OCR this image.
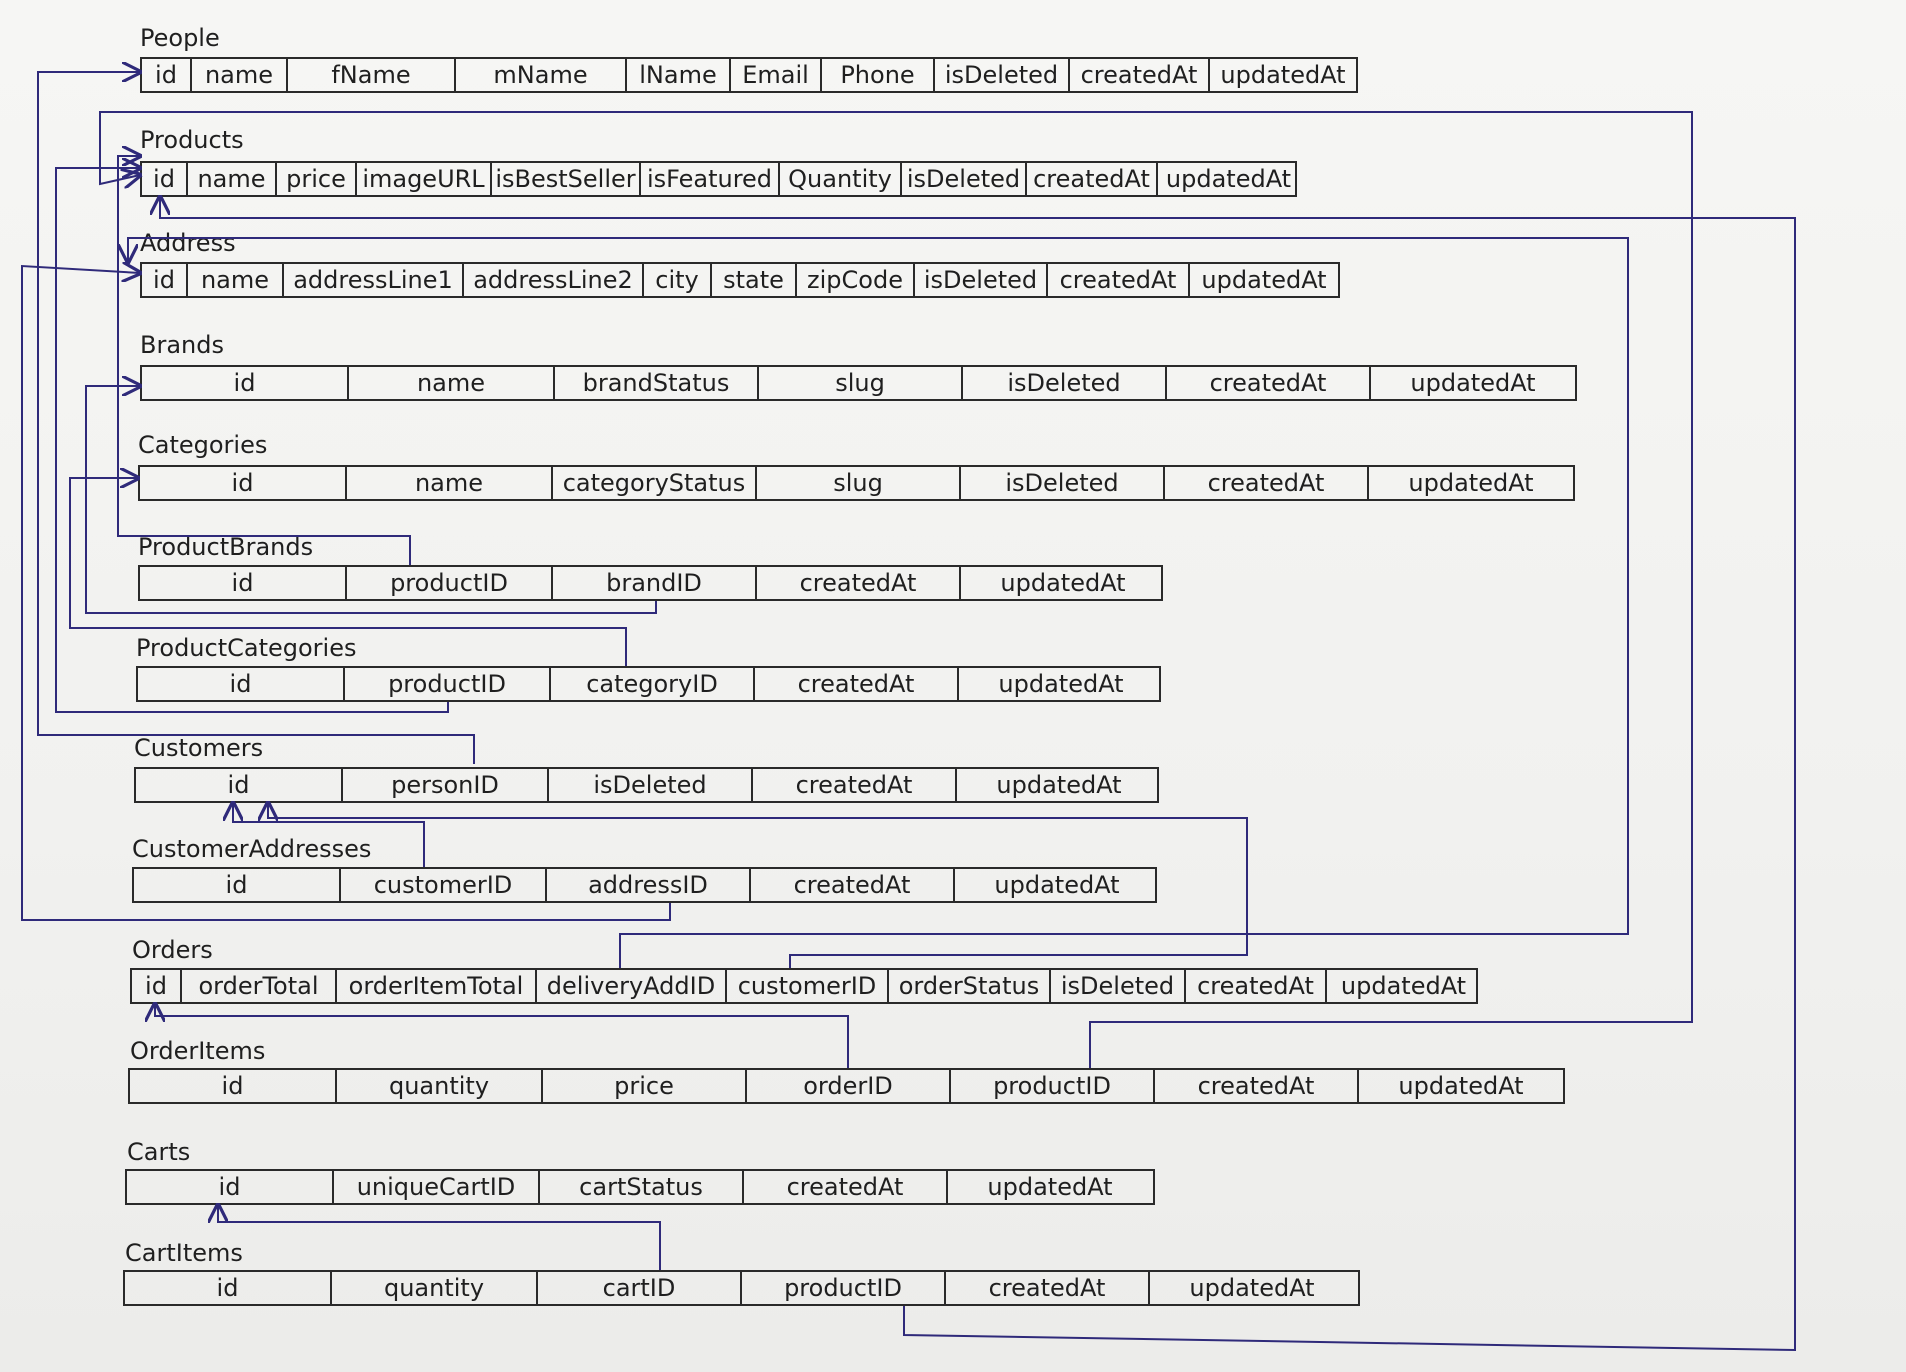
People
id	name	fName	mName	lName	Email	Phone	isDeleted createdAt updatedAt
Products
id name price imageURL isBestSeller isFeatured Quantity isDeleted createdAt updatedAt
Address
id	name	addressLine1 addressLine2 city	state zipCode isDeleted createdAt	updatedAt
Brands
id	name	brandStatus	slug	isDeleted	createdAt	updatedAt
Categories
id	name	categoryStatus	slug	isDeleted	createdAt	updatedAt
ProductBrands
id	productID	brandID	createdAt	updatedAt
ProductCategories
id	productID	categoryID	createdAt	updatedAt
Customers
id	personID	isDeleted	createdAt	updatedAt
CustomerAddresses
id	customerID	addressID	createdAt	updatedAt
Orders
id	orderTotal	orderItemTotal deliveryAddID customerID orderStatus isDeleted createdAt	updatedAt
OrderItems
id	quantity	price	orderID	productID	createdAt	updatedAt
Carts
id	uniqueCartID	cartStatus	createdAt	updatedAt
CartItems
id	quantity	cartID	productID	createdAt	updatedAt
